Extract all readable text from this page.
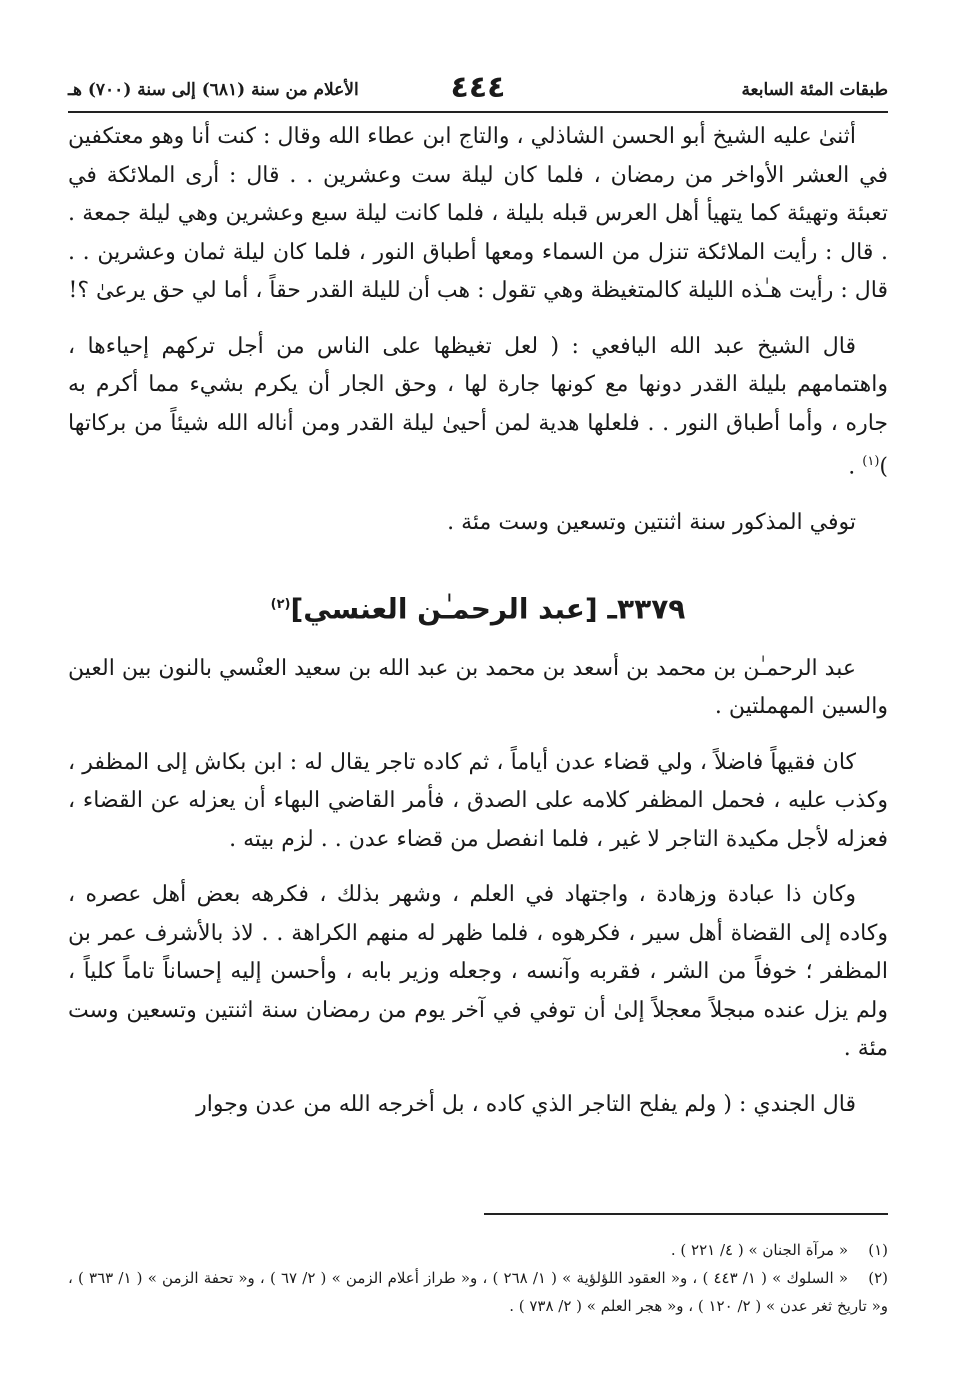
طبقات المئة السابعة
٤٤٤
الأعلام من سنة (٦٨١) إلى سنة (٧٠٠) هـ

أثنىٰ عليه الشيخ أبو الحسن الشاذلي ، والتاج ابن عطاء الله وقال : كنت أنا وهو معتكفين في العشر الأواخر من رمضان ، فلما كان ليلة ست وعشرين . . قال : أرى الملائكة في تعبئة وتهيئة كما يتهيأ أهل العرس قبله بليلة ، فلما كانت ليلة سبع وعشرين وهي ليلة جمعة . . قال : رأيت الملائكة تنزل من السماء ومعها أطباق النور ، فلما كان ليلة ثمان وعشرين . . قال : رأيت هـٰذه الليلة كالمتغيظة وهي تقول : هب أن لليلة القدر حقاً ، أما لي حق يرعىٰ ؟!

قال الشيخ عبد الله اليافعي : ( لعل تغيظها على الناس من أجل تركهم إحياءها ، واهتمامهم بليلة القدر دونها مع كونها جارة لها ، وحق الجار أن يكرم بشيء مما أكرم به جاره ، وأما أطباق النور . . فلعلها هدية لمن أحيىٰ ليلة القدر ومن أناله الله شيئاً من بركاتها )$^{(١)}$ .

توفي المذكور سنة اثنتين وتسعين وست مئة .

٣٣٧٩ـ [عبد الرحمـٰن العنسي]$^{(٢)}$

عبد الرحمـٰن بن محمد بن أسعد بن محمد بن عبد الله بن سعيد العنْسي بالنون بين العين والسين المهملتين .

كان فقيهاً فاضلاً ، ولي قضاء عدن أياماً ، ثم كاده تاجر يقال له : ابن بكاش إلى المظفر ، وكذب عليه ، فحمل المظفر كلامه على الصدق ، فأمر القاضي البهاء أن يعزله عن القضاء ، فعزله لأجل مكيدة التاجر لا غير ، فلما انفصل من قضاء عدن . . لزم بيته .

وكان ذا عبادة وزهادة ، واجتهاد في العلم ، وشهر بذلك ، فكرهه بعض أهل عصره ، وكاده إلى القضاة أهل سير ، فكرهوه ، فلما ظهر له منهم الكراهة . . لاذ بالأشرف عمر بن المظفر ؛ خوفاً من الشر ، فقربه وآنسه ، وجعله وزير بابه ، وأحسن إليه إحساناً تاماً كلياً ، ولم يزل عنده مبجلاً معجلاً إلىٰ أن توفي في آخر يوم من رمضان سنة اثنتين وتسعين وست مئة .

قال الجندي : ( ولم يفلح التاجر الذي كاده ، بل أخرجه الله من عدن وجوار

(١)« مرآة الجنان » ( ٤/ ٢٢١ ) .

(٢)« السلوك » ( ١/ ٤٤٣ ) ، و« العقود اللؤلؤية » ( ١/ ٢٦٨ ) ، و« طراز أعلام الزمن » ( ٢/ ٦٧ ) ، و« تحفة الزمن » ( ١/ ٣٦٣ ) ، و« تاريخ ثغر عدن » ( ٢/ ١٢٠ ) ، و« هجر العلم » ( ٢/ ٧٣٨ ) .
